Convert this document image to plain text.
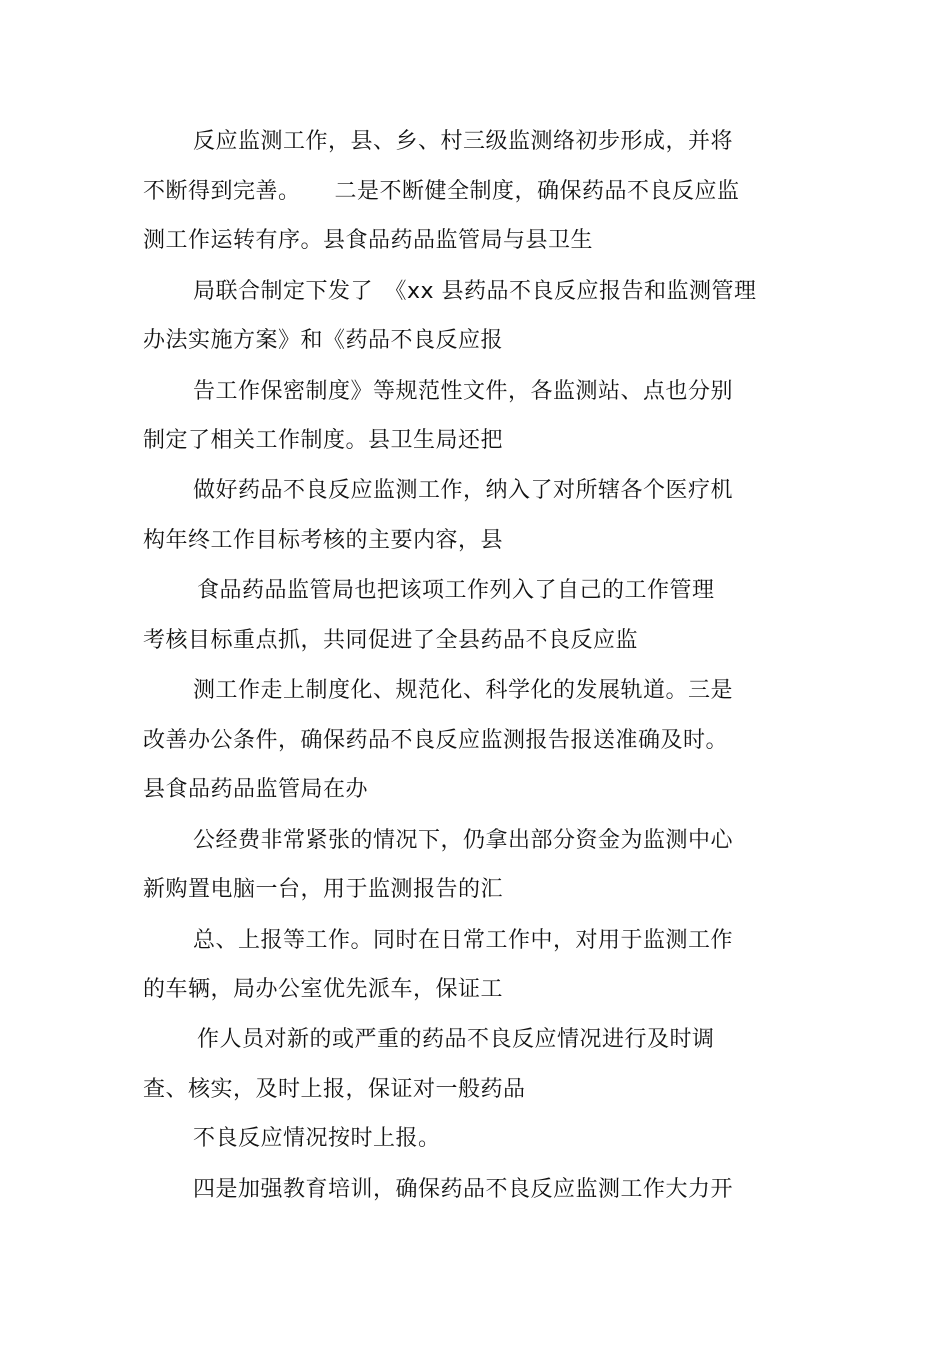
反应监测工作，县、乡、村三级监测络初步形成，并将
不断得到完善。　　二是不断健全制度，确保药品不良反应监
测工作运转有序。县食品药品监管局与县卫生
局联合制定下发了　《xx 县药品不良反应报告和监测管理
办法实施方案》和《药品不良反应报
告工作保密制度》等规范性文件，各监测站、点也分别
制定了相关工作制度。县卫生局还把
做好药品不良反应监测工作，纳入了对所辖各个医疗机
构年终工作目标考核的主要内容，县
食品药品监管局也把该项工作列入了自己的工作管理
考核目标重点抓，共同促进了全县药品不良反应监
测工作走上制度化、规范化、科学化的发展轨道。三是
改善办公条件，确保药品不良反应监测报告报送准确及时。
县食品药品监管局在办
公经费非常紧张的情况下，仍拿出部分资金为监测中心
新购置电脑一台，用于监测报告的汇
总、上报等工作。同时在日常工作中，对用于监测工作
的车辆，局办公室优先派车，保证工
作人员对新的或严重的药品不良反应情况进行及时调
查、核实，及时上报，保证对一般药品
不良反应情况按时上报。
四是加强教育培训，确保药品不良反应监测工作大力开
